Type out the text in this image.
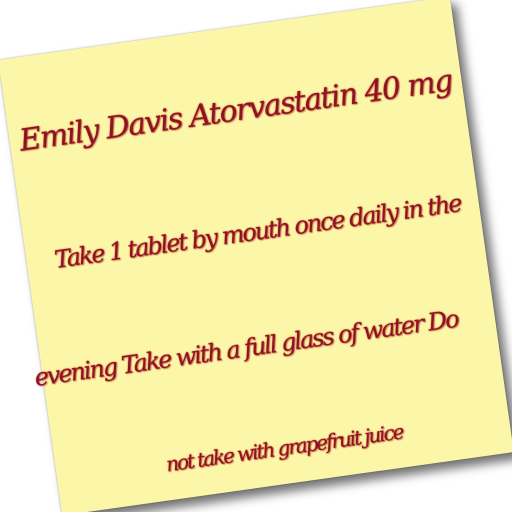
Emily Davis Atorvastatin 40 mg
Take 1 tablet by mouth once daily in the
evening Take with a full glass of water Do
not take with grapefruit juice
